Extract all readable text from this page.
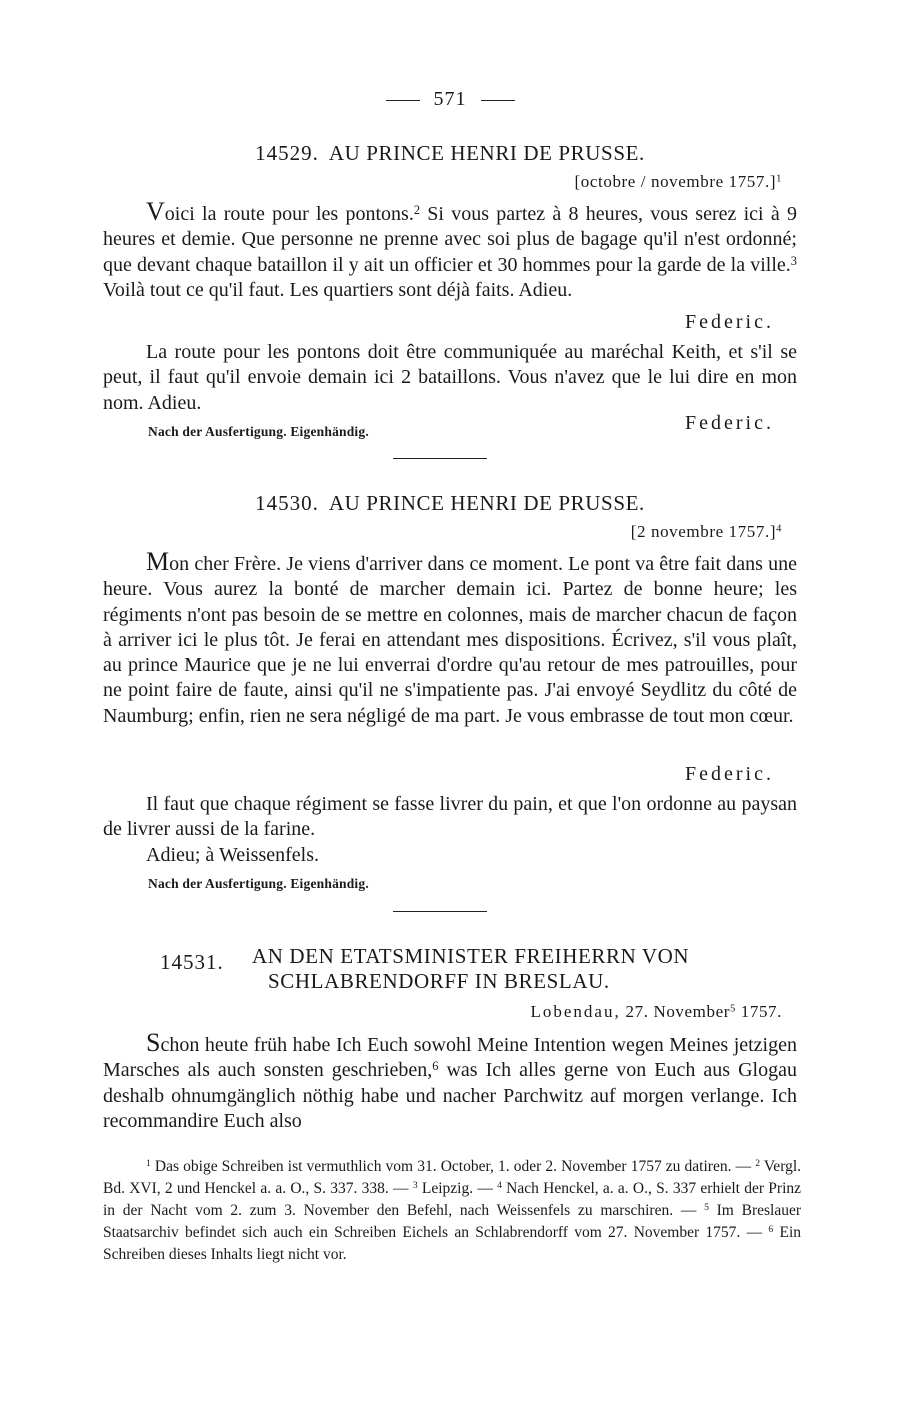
571
14529. AU PRINCE HENRI DE PRUSSE.
[octobre / novembre 1757.]$^1$

Voici la route pour les pontons.$^2$ Si vous partez à 8 heures, vous serez ici à 9 heures et demie. Que personne ne prenne avec soi plus de bagage qu'il n'est ordonné; que devant chaque bataillon il y ait un officier et 30 hommes pour la garde de la ville.$^3$ Voilà tout ce qu'il faut. Les quartiers sont déjà faits. Adieu.

Federic.

La route pour les pontons doit être communiquée au maréchal Keith, et s'il se peut, il faut qu'il envoie demain ici 2 bataillons. Vous n'avez que le lui dire en mon nom. Adieu.

Federic.
Nach der Ausfertigung. Eigenhändig.
14530. AU PRINCE HENRI DE PRUSSE.
[2 novembre 1757.]$^4$

Mon cher Frère. Je viens d'arriver dans ce moment. Le pont va être fait dans une heure. Vous aurez la bonté de marcher demain ici. Partez de bonne heure; les régiments n'ont pas besoin de se mettre en colonnes, mais de marcher chacun de façon à arriver ici le plus tôt. Je ferai en attendant mes dispositions. Écrivez, s'il vous plaît, au prince Maurice que je ne lui enverrai d'ordre qu'au retour de mes patrouilles, pour ne point faire de faute, ainsi qu'il ne s'impatiente pas. J'ai envoyé Seydlitz du côté de Naumburg; enfin, rien ne sera négligé de ma part. Je vous embrasse de tout mon cœur.

Federic.

Il faut que chaque régiment se fasse livrer du pain, et que l'on ordonne au paysan de livrer aussi de la farine.

Adieu; à Weissenfels.

Nach der Ausfertigung. Eigenhändig.
14531. AN DEN ETATSMINISTER FREIHERRN VON
SCHLABRENDORFF IN BRESLAU.
Lobendau, 27. November$^5$ 1757.

Schon heute früh habe Ich Euch sowohl Meine Intention wegen Meines jetzigen Marsches als auch sonsten geschrieben,$^6$ was Ich alles gerne von Euch aus Glogau deshalb ohnumgänglich nöthig habe und nacher Parchwitz auf morgen verlange. Ich recommandire Euch also

$^1$ Das obige Schreiben ist vermuthlich vom 31. October, 1. oder 2. November 1757 zu datiren. — $^2$ Vergl. Bd. XVI, 2 und Henckel a. a. O., S. 337. 338. — $^3$ Leipzig. — $^4$ Nach Henckel, a. a. O., S. 337 erhielt der Prinz in der Nacht vom 2. zum 3. November den Befehl, nach Weissenfels zu marschiren. — $^5$ Im Breslauer Staatsarchiv befindet sich auch ein Schreiben Eichels an Schlabrendorff vom 27. November 1757. — $^6$ Ein Schreiben dieses Inhalts liegt nicht vor.
